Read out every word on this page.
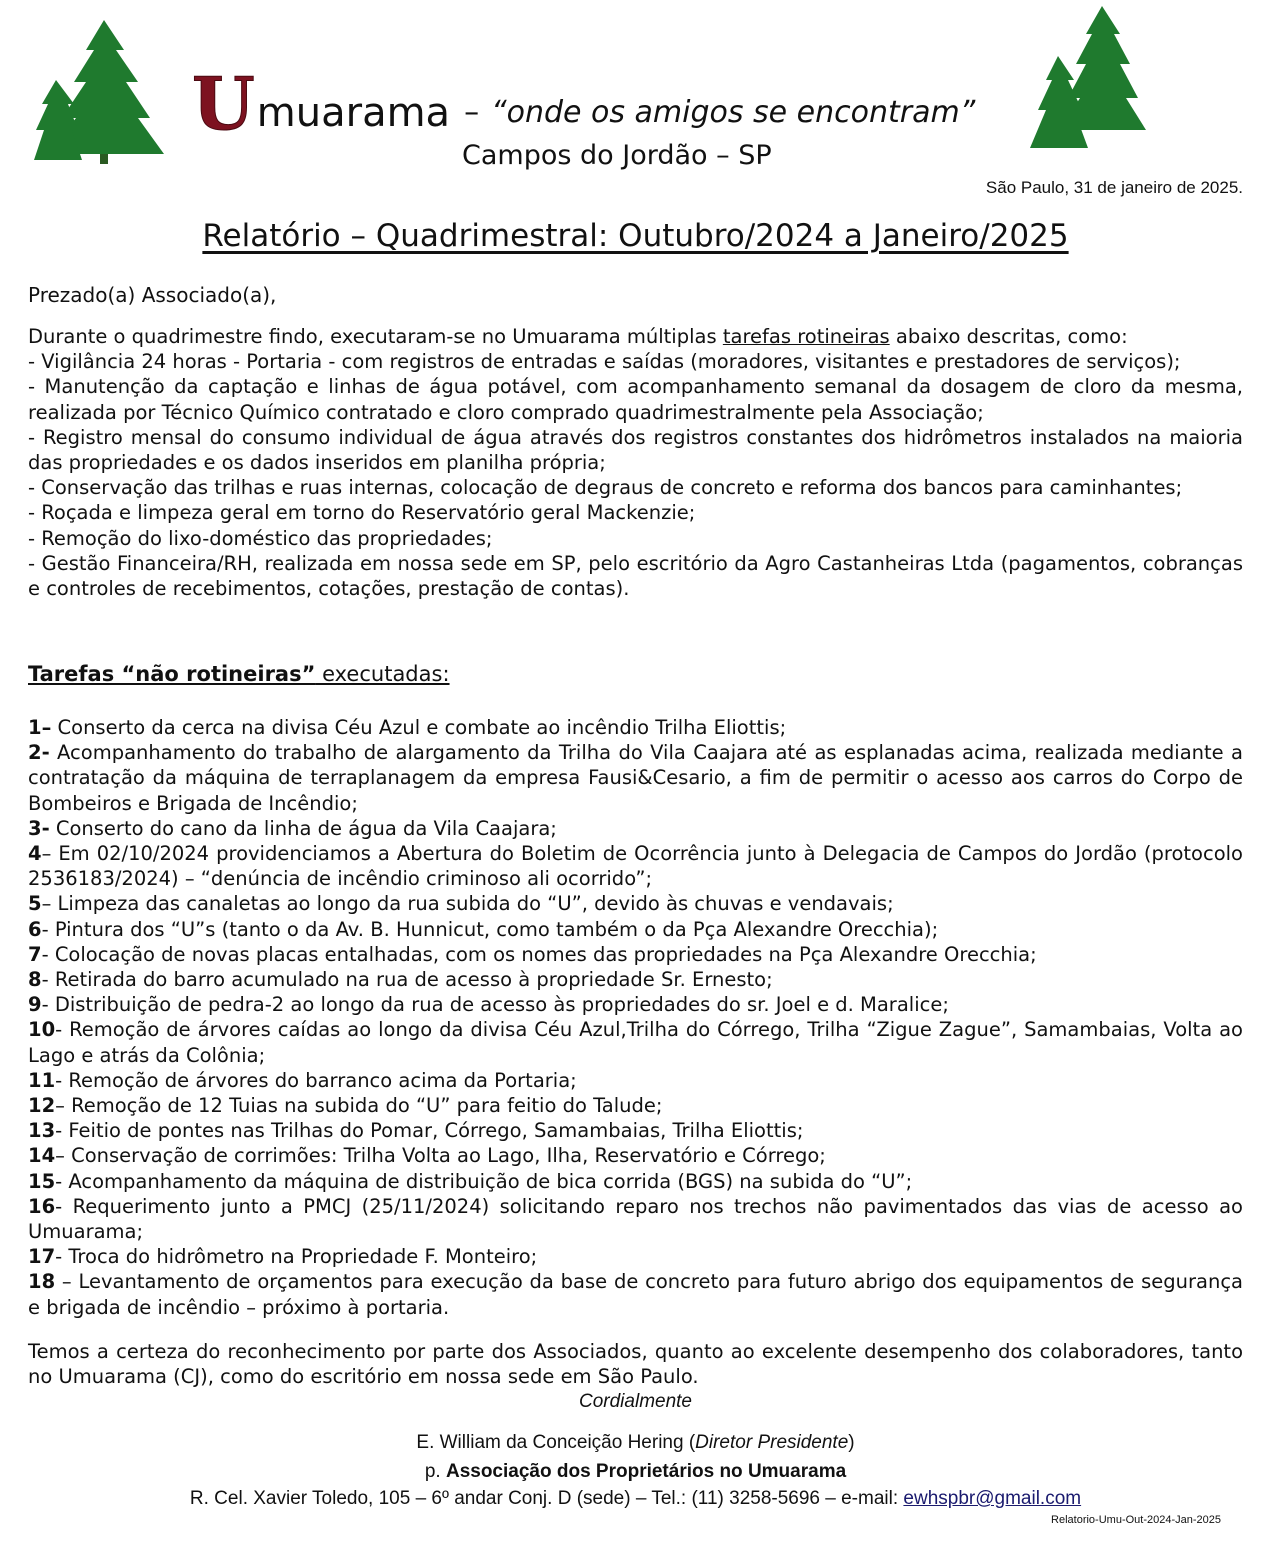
U muarama – “onde os amigos se encontram”
Campos do Jordão – SP
São Paulo, 31 de janeiro de 2025.
Relatório – Quadrimestral: Outubro/2024 a Janeiro/2025
Prezado(a) Associado(a),

Durante o quadrimestre findo, executaram-se no Umuarama múltiplas tarefas rotineiras abaixo descritas, como:

- Vigilância 24 horas - Portaria - com registros de entradas e saídas (moradores, visitantes e prestadores de serviços);

- Manutenção da captação e linhas de água potável, com acompanhamento semanal da dosagem de cloro da mesma, realizada por Técnico Químico contratado e cloro comprado quadrimestralmente pela Associação;

- Registro mensal do consumo individual de água através dos registros constantes dos hidrômetros instalados na maioria das propriedades e os dados inseridos em planilha própria;

- Conservação das trilhas e ruas internas, colocação de degraus de concreto e reforma dos bancos para caminhantes;

- Roçada e limpeza geral em torno do Reservatório geral Mackenzie;

- Remoção do lixo-doméstico das propriedades;

- Gestão Financeira/RH, realizada em nossa sede em SP, pelo escritório da Agro Castanheiras Ltda (pagamentos, cobranças e controles de recebimentos, cotações, prestação de contas).

Tarefas “não rotineiras” executadas:

1– Conserto da cerca na divisa Céu Azul e combate ao incêndio Trilha Eliottis;

2- Acompanhamento do trabalho de alargamento da Trilha do Vila Caajara até as esplanadas acima, realizada mediante a contratação da máquina de terraplanagem da empresa Fausi&Cesario, a fim de permitir o acesso aos carros do Corpo de Bombeiros e Brigada de Incêndio;

3- Conserto do cano da linha de água da Vila Caajara;

4– Em 02/10/2024 providenciamos a Abertura do Boletim de Ocorrência junto à Delegacia de Campos do Jordão (protocolo 2536183/2024) – “denúncia de incêndio criminoso ali ocorrido”;

5– Limpeza das canaletas ao longo da rua subida do “U”, devido às chuvas e vendavais;

6- Pintura dos “U”s (tanto o da Av. B. Hunnicut, como também o da Pça Alexandre Orecchia);

7- Colocação de novas placas entalhadas, com os nomes das propriedades na Pça Alexandre Orecchia;

8- Retirada do barro acumulado na rua de acesso à propriedade Sr. Ernesto;

9- Distribuição de pedra-2 ao longo da rua de acesso às propriedades do sr. Joel e d. Maralice;

10- Remoção de árvores caídas ao longo da divisa Céu Azul,Trilha do Córrego, Trilha “Zigue Zague”, Samambaias, Volta ao Lago e atrás da Colônia;

11- Remoção de árvores do barranco acima da Portaria;

12– Remoção de 12 Tuias na subida do “U” para feitio do Talude;

13- Feitio de pontes nas Trilhas do Pomar, Córrego, Samambaias, Trilha Eliottis;

14– Conservação de corrimões: Trilha Volta ao Lago, Ilha, Reservatório e Córrego;

15- Acompanhamento da máquina de distribuição de bica corrida (BGS) na subida do “U”;

16- Requerimento junto a PMCJ (25/11/2024) solicitando reparo nos trechos não pavimentados das vias de acesso ao Umuarama;

17- Troca do hidrômetro na Propriedade F. Monteiro;

18 – Levantamento de orçamentos para execução da base de concreto para futuro abrigo dos equipamentos de segurança e brigada de incêndio – próximo à portaria.

Temos a certeza do reconhecimento por parte dos Associados, quanto ao excelente desempenho dos colaboradores, tanto no Umuarama (CJ), como do escritório em nossa sede em São Paulo.
Cordialmente
E. William da Conceição Hering (Diretor Presidente)
p. Associação dos Proprietários no Umuarama
R. Cel. Xavier Toledo, 105 – 6º andar Conj. D (sede) – Tel.: (11) 3258-5696 – e-mail: ewhspbr@gmail.com
Relatorio-Umu-Out-2024-Jan-2025
